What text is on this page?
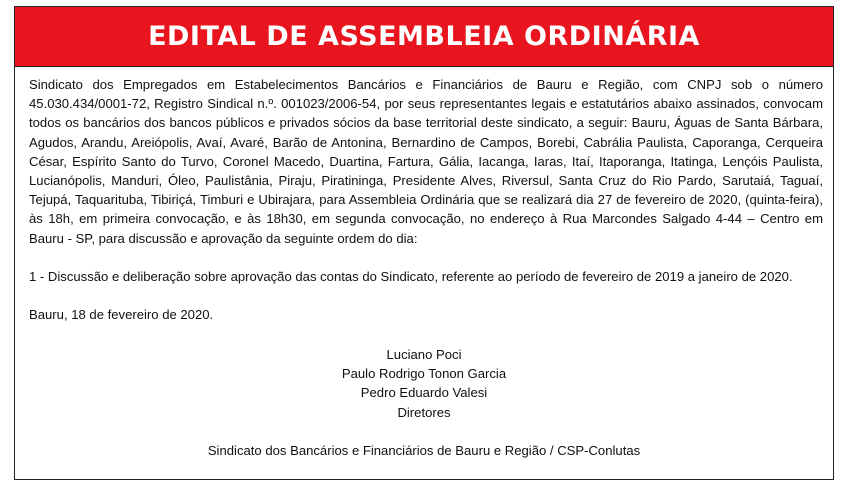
EDITAL DE ASSEMBLEIA ORDINÁRIA

Sindicato dos Empregados em Estabelecimentos Bancários e Financiários de Bauru e Região, com CNPJ sob o número 45.030.434/0001-72, Registro Sindical n.º. 001023/2006-54, por seus representantes legais e estatutários abaixo assinados, convocam todos os bancários dos bancos públicos e privados sócios da base territorial deste sindicato, a seguir: Bauru, Águas de Santa Bárbara, Agudos, Arandu, Areiópolis, Avaí, Avaré, Barão de Antonina, Bernardino de Campos, Borebi, Cabrália Paulista, Caporanga, Cerqueira César, Espírito Santo do Turvo, Coronel Macedo, Duartina, Fartura, Gália, Iacanga, Iaras, Itaí, Itaporanga, Itatinga, Lençóis Paulista, Lucianópolis, Manduri, Óleo, Paulistânia, Piraju, Piratininga, Presidente Alves, Riversul, Santa Cruz do Rio Pardo, Sarutaiá, Taguaí, Tejupá, Taquarituba, Tibiriçá, Timburi e Ubirajara, para Assembleia Ordinária que se realizará dia 27 de fevereiro de 2020, (quinta-feira), às 18h, em primeira convocação, e às 18h30, em segunda convocação, no endereço à Rua Marcondes Salgado 4-44 – Centro em Bauru - SP, para discussão e aprovação da seguinte ordem do dia:

1 - Discussão e deliberação sobre aprovação das contas do Sindicato, referente ao período de fevereiro de 2019 a janeiro de 2020.

Bauru, 18 de fevereiro de 2020.

Luciano Poci
Paulo Rodrigo Tonon Garcia
Pedro Eduardo Valesi
Diretores
Sindicato dos Bancários e Financiários de Bauru e Região / CSP-Conlutas
